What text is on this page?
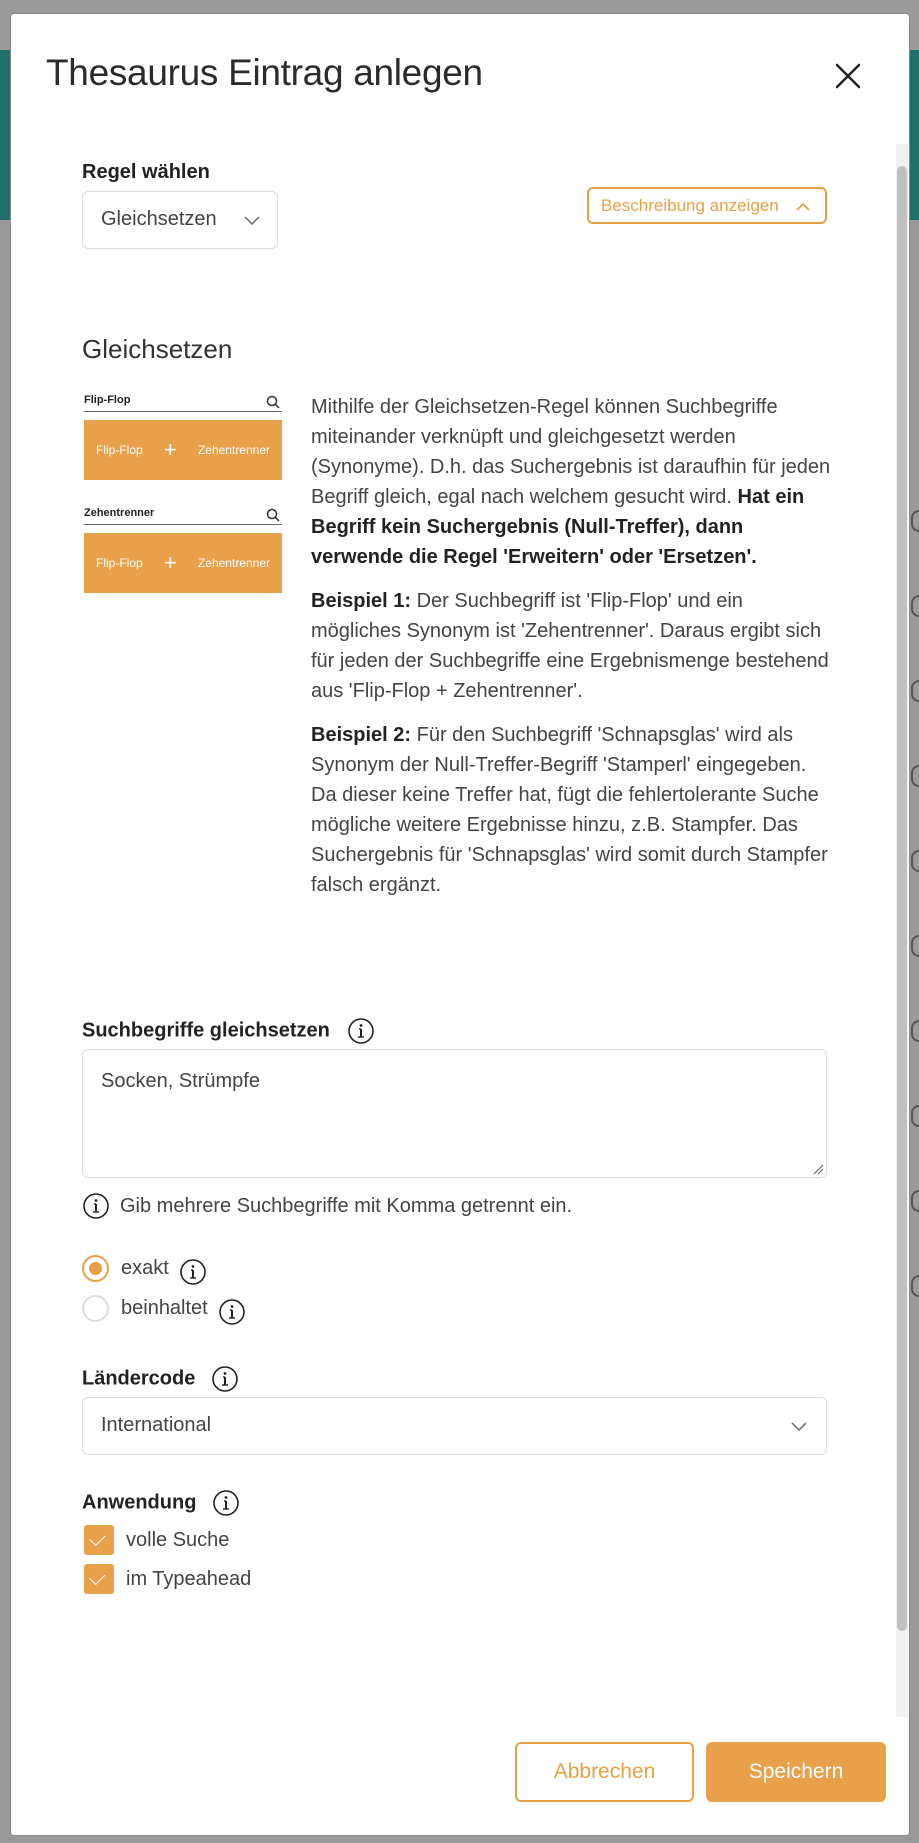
Thesaurus Eintrag anlegen
Regel wählen
Gleichsetzen
Beschreibung anzeigen
Gleichsetzen
Flip-Flop
Flip-Flop + Zehentrenner
Zehentrenner
Flip-Flop + Zehentrenner

Mithilfe der Gleichsetzen-Regel können Suchbegriffe miteinander verknüpft und gleichgesetzt werden (Synonyme). D.h. das Suchergebnis ist daraufhin für jeden Begriff gleich, egal nach welchem gesucht wird. Hat ein Begriff kein Suchergebnis (Null-Treffer), dann verwende die Regel 'Erweitern' oder 'Ersetzen'.

Beispiel 1: Der Suchbegriff ist 'Flip-Flop' und ein mögliches Synonym ist 'Zehentrenner'. Daraus ergibt sich für jeden der Suchbegriffe eine Ergebnismenge bestehend aus 'Flip-Flop + Zehentrenner'.

Beispiel 2: Für den Suchbegriff 'Schnapsglas' wird als Synonym der Null-Treffer-Begriff 'Stamperl' eingegeben. Da dieser keine Treffer hat, fügt die fehlertolerante Suche mögliche weitere Ergebnisse hinzu, z.B. Stampfer. Das Suchergebnis für 'Schnapsglas' wird somit durch Stampfer falsch ergänzt.

Suchbegriffe gleichsetzen
Socken, Strümpfe
Gib mehrere Suchbegriffe mit Komma getrennt ein.
exakt
beinhaltet
Ländercode
International
Anwendung
volle Suche
im Typeahead
Abbrechen	Speichern
